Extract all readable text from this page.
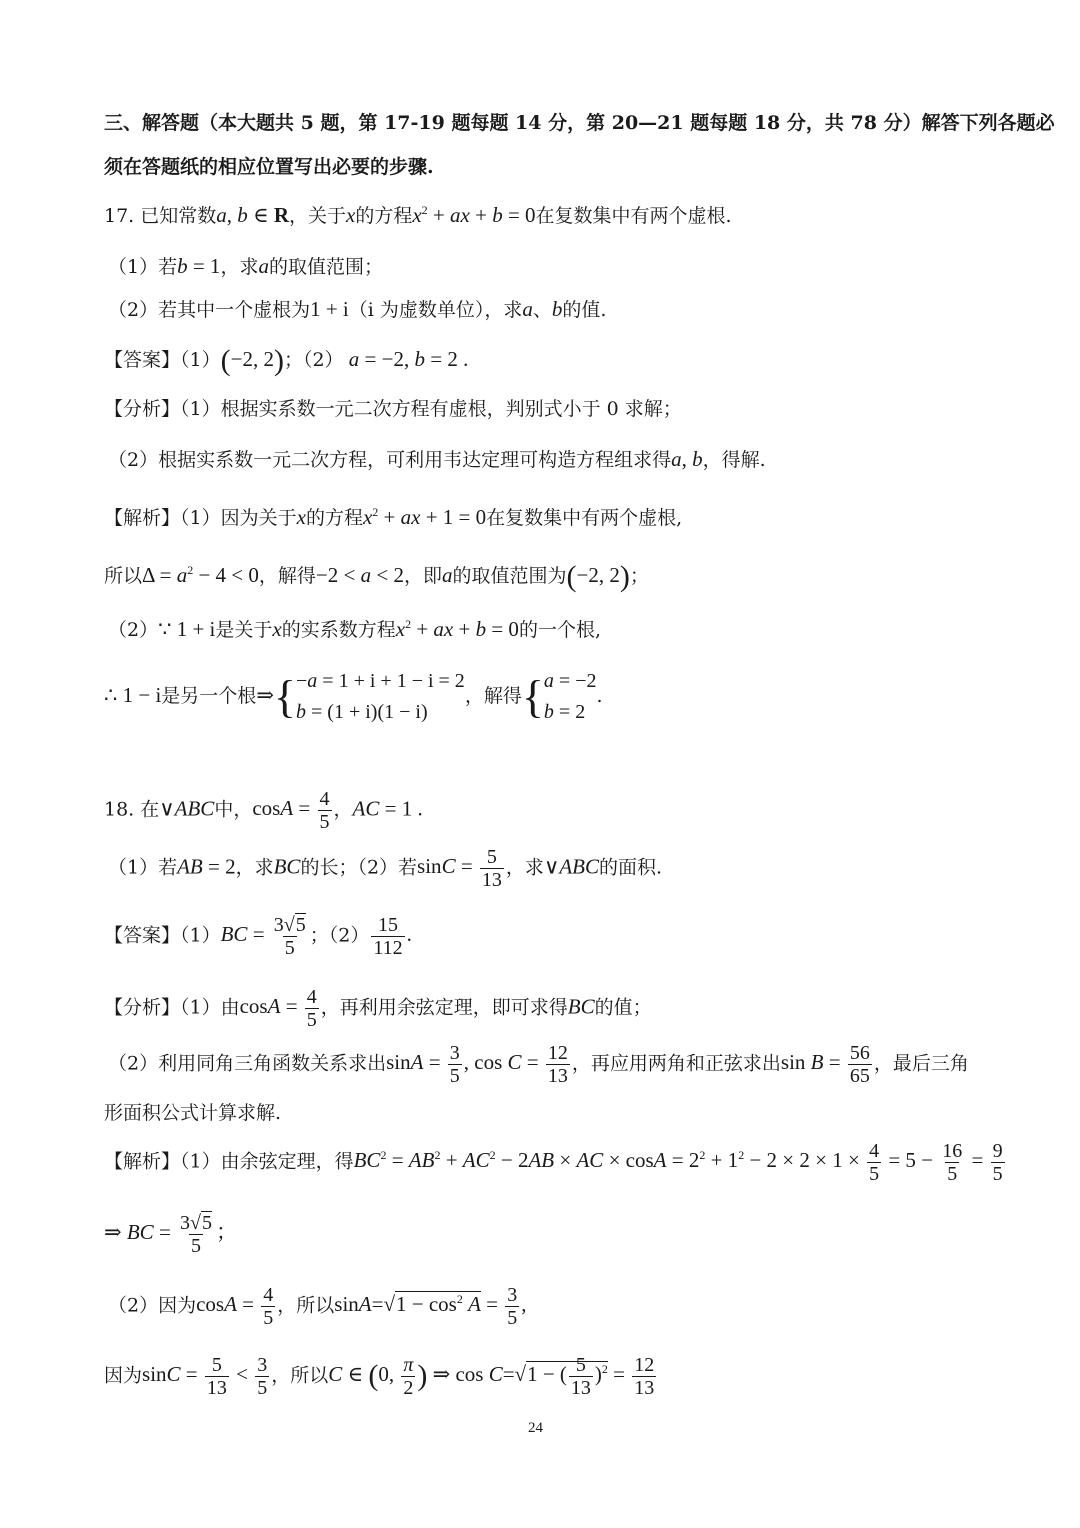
三、解答题（本大题共 5 题，第 17-19 题每题 14 分，第 20—21 题每题 18 分，共 78 分）解答下列各题必
须在答题纸的相应位置写出必要的步骤.
17. 已知常数a, b ∈ R，关于x的方程$x^2$ + ax + b = 0在复数集中有两个虚根.
（1）若b = 1，求a的取值范围；
（2）若其中一个虚根为1 + i（i 为虚数单位），求a、b的值.
【答案】（1）(−2, 2)；（2） a = −2, b = 2 .
【分析】（1）根据实系数一元二次方程有虚根，判别式小于 0 求解；
（2）根据实系数一元二次方程，可利用韦达定理可构造方程组求得a, b，得解.
【解析】（1）因为关于x的方程$x^2$ + ax + 1 = 0在复数集中有两个虚根,
所以$\Delta = a^2 - 4 < 0$，解得−2 < a < 2，即a的取值范围为(−2, 2)；
（2）∵ 1 + i是关于x的实系数方程$x^2$ + ax + b = 0的一个根,
∴ 1 − i是另一个根⇒{ −a = 1 + i + 1 − i = 2
b = (1 + i)(1 − i)
，解得{ a = −2
b = 2
.
18. 在∨ABC中，$\cos A = \frac{4}{5}$ ，AC = 1 .
（1）若AB = 2，求BC的长；（2）若$\sin C = \frac{5}{13}$ ，求∨ABC的面积.
【答案】$(1)BC = \frac{3√5}{5}$ ；$(2) \frac{15}{112}$ .
【分析】（1）由$\cos A = \frac{4}{5}$ ，再利用余弦定理，即可求得BC的值；
（2）利用同角三角函数关系求出$\sin A = \frac{3}{5}$ , $\cos C = \frac{12}{13}$ ，再应用两角和正弦求出$\sin B = \frac{56}{65}$ ，最后三角
形面积公式计算求解.
【解析】（1）由余弦定理，得$BC^2 = AB^2 + AC^2 - 2AB$ × AC × $\cos A = 2^2 + 1^2 - 2 \times 2 \times 1 \times \frac{4}{5} = 5 - \frac{16}{5} = \frac{9}{5}$
⇒ BC = $\frac{3√5}{5}$ ；
（2）因为$\cos A = \frac{4}{5}$ ，所以$\sin A=√1 - \cos^2 A = \frac{3}{5}$ ,
因为$\sin C = \frac{5}{13} < \frac{3}{5}$ ，所以C ∈ (0, $\frac{\pi}{2}$ ) ⇒ cos C=√1 − ( $\frac{5}{13} )^2 = \frac{12}{13}$
24
